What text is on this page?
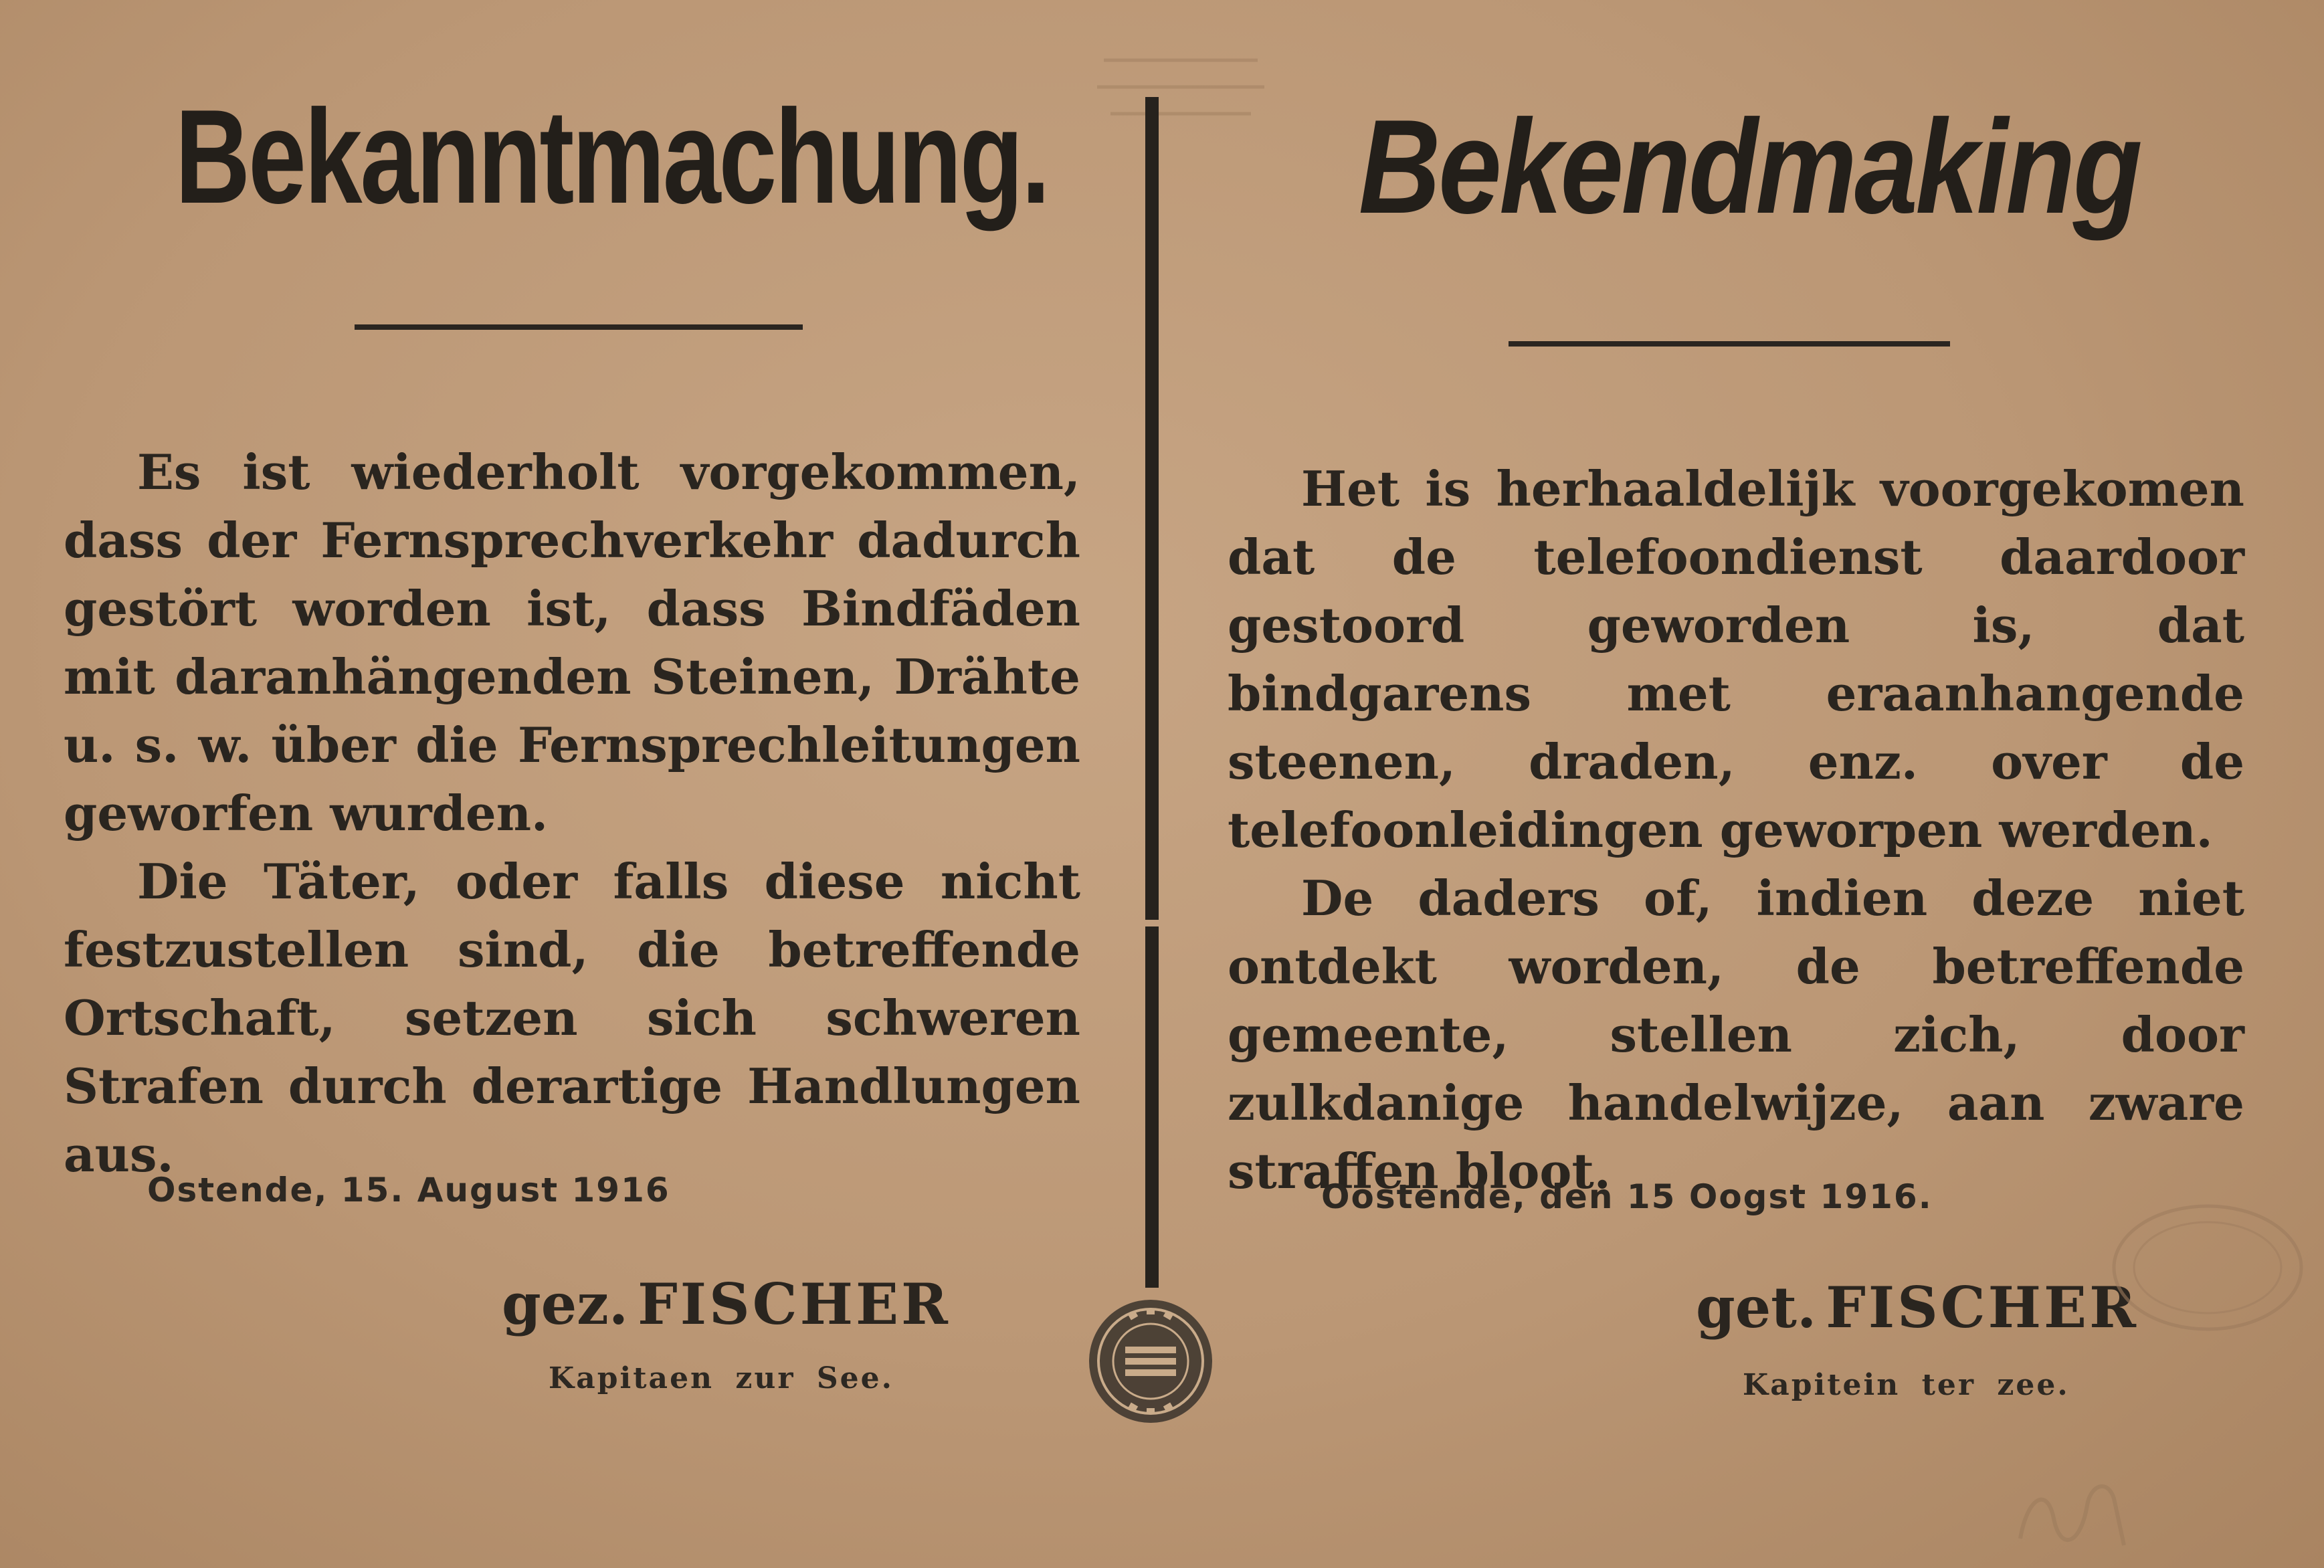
Bekanntmachung.

Es ist wiederholt vorgekommen, dass der Fernsprechverkehr dadurch gestört worden ist, dass Bindfäden mit daranhängenden Steinen, Drähte u. s. w. über die Fernsprechleitungen geworfen wurden.

Die Täter, oder falls diese nicht festzustellen sind, die betreffende Ortschaft, setzen sich schweren Strafen durch derartige Handlungen aus.

Ostende, 15. August 1916
gez. FISCHER
Kapitaen zur See.
Bekendmaking

Het is herhaaldelijk voorgekomen dat de telefoondienst daardoor gestoord geworden is, dat bindgarens met eraanhangende steenen, draden, enz. over de telefoonleidingen geworpen werden.

De daders of, indien deze niet ontdekt worden, de betreffende gemeente, stellen zich, door zulkdanige handelwijze, aan zware straffen bloot.

Oostende, den 15 Oogst 1916.
get. FISCHER
Kapitein ter zee.
